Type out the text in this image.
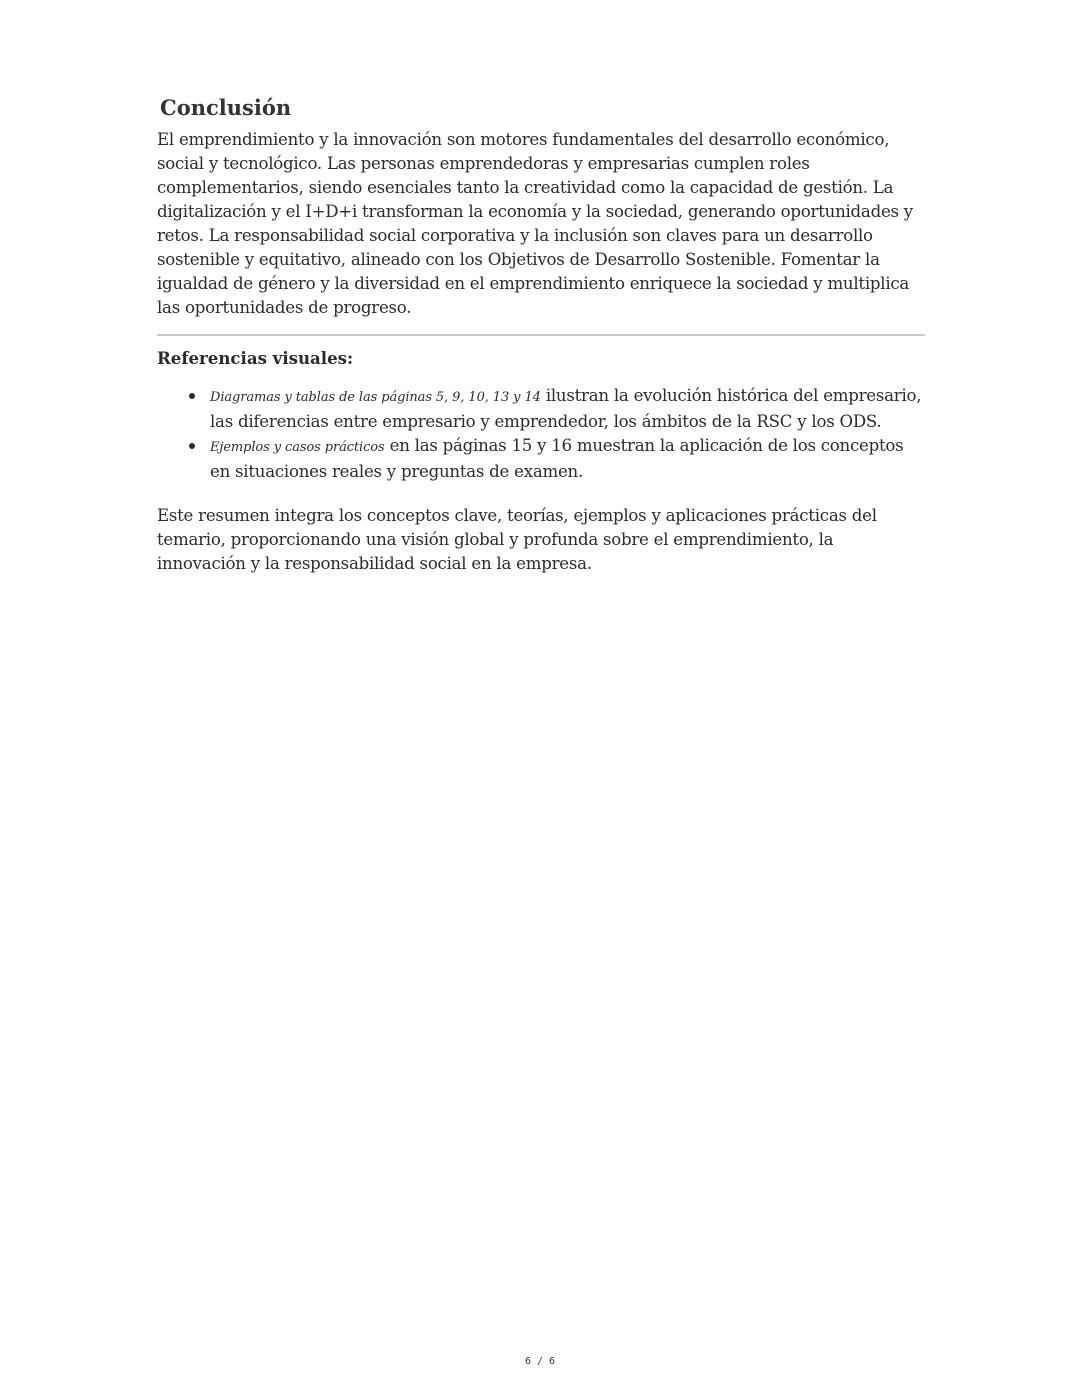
Conclusión

El emprendimiento y la innovación son motores fundamentales del desarrollo económico, social y tecnológico. Las personas emprendedoras y empresarias cumplen roles complementarios, siendo esenciales tanto la creatividad como la capacidad de gestión. La digitalización y el I+D+i transforman la economía y la sociedad, generando oportunidades y retos. La responsabilidad social corporativa y la inclusión son claves para un desarrollo sostenible y equitativo, alineado con los Objetivos de Desarrollo Sostenible. Fomentar la igualdad de género y la diversidad en el emprendimiento enriquece la sociedad y multiplica las oportunidades de progreso.

Referencias visuales:

Diagramas y tablas de las páginas 5, 9, 10, 13 y 14 ilustran la evolución histórica del empresario, las diferencias entre empresario y emprendedor, los ámbitos de la RSC y los ODS.
Ejemplos y casos prácticos en las páginas 15 y 16 muestran la aplicación de los conceptos en situaciones reales y preguntas de examen.

Este resumen integra los conceptos clave, teorías, ejemplos y aplicaciones prácticas del temario, proporcionando una visión global y profunda sobre el emprendimiento, la innovación y la responsabilidad social en la empresa.

6 / 6
